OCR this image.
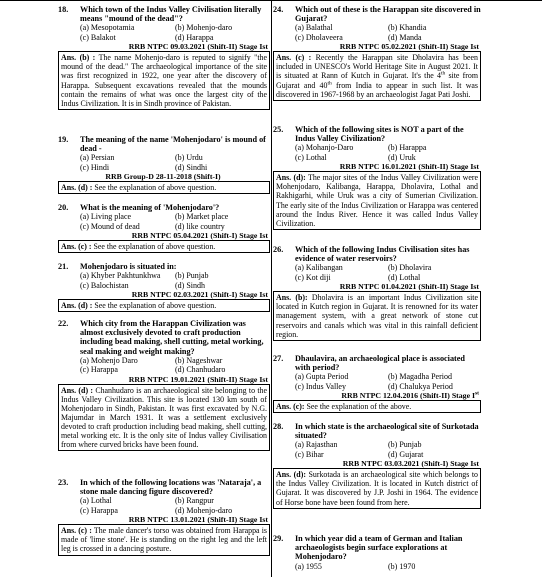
18.	Which town of the Indus Valley Civilisation literally means "mound of the dead"?
(a) Mesopotamia	(b) Mohenjo-daro
(c) Balakot	(d) Harappa
RRB NTPC 09.03.2021 (Shift-II) Stage Ist
Ans. (b) : The name Mohenjo-daro is reputed to signify "the mound of the dead." The archaeological importance of the site was first recognized in 1922, one year after the discovery of Harappa. Subsequent excavations revealed that the mounds contain the remains of what was once the largest city of the Indus Civilization. It is in Sindh province of Pakistan.
19.	The meaning of the name 'Mohenjodaro' is mound of dead -
(a) Persian	(b) Urdu
(c) Hindi	(d) Sindhi
RRB Group-D 28-11-2018 (Shift-I)
Ans. (d) : See the explanation of above question.
20.	What is the meaning of 'Mohenjodaro'?
(a) Living place	(b) Market place
(c) Mound of dead	(d) like country
RRB NTPC 05.04.2021 (Shift-I) Stage Ist
Ans. (c) : See the explanation of above question.
21.	Mohenjodaro is situated in:
(a) Khyber Pakhtunkhwa	(b) Punjab
(c) Balochistan	(d) Sindh
RRB NTPC 02.03.2021 (Shift-I) Stage Ist
Ans. (d) : See the explanation of above question.
22.	Which city from the Harappan Civilization was almost exclusively devoted to craft production including bead making, shell cutting, metal working, seal making and weight making?
(a) Mohenjo Daro	(b) Nageshwar
(c) Harappa	(d) Chanhudaro
RRB NTPC 19.01.2021 (Shift-II) Stage Ist
Ans. (d) : Chanhudaro is an archaeological site belonging to the Indus Valley Civilization. This site is located 130 km south of Mohenjodaro in Sindh, Pakistan. It was first excavated by N.G. Majumdar in March 1931. It was a settlement exclusively devoted to craft production including bead making, shell cutting, metal working etc. It is the only site of Indus valley Civilisation from where curved bricks have been found.
23.	In which of the following locations was 'Nataraja', a stone male dancing figure discovered?
(a) Lothal	(b) Rangpur
(c) Harappa	(d) Mohenjo-daro
RRB NTPC 13.01.2021 (Shift-II) Stage Ist
Ans. (c) : The male dancer's torso was obtained from Harappa is made of 'lime stone'. He is standing on the right leg and the left leg is crossed in a dancing posture.
24.	Which out of these is the Harappan site discovered in Gujarat?
(a) Balathal	(b) Khandia
(c) Dholaveera	(d) Manda
RRB NTPC 05.02.2021 (Shift-II) Stage Ist
Ans. (c) : Recently the Harappan site Dholavira has been included in UNESCO's World Heritage Site in August 2021. It is situated at Rann of Kutch in Gujarat. It's the 4th site from Gujarat and 40th from India to appear in such list. It was discovered in 1967-1968 by an archaeologist Jagat Pati Joshi.
25.	Which of the following sites is NOT a part of the Indus Valley Civilization?
(a) Mohanjo-Daro	(b) Harappa
(c) Lothal	(d) Uruk
RRB NTPC 16.01.2021 (Shift-II) Stage Ist
Ans. (d): The major sites of the Indus Valley Civilization were Mohenjodaro, Kalibanga, Harappa, Dholavira, Lothal and Rakhigarhi, while Uruk was a city of Sumerian Civilization. The early site of the Indus Civilization or Harappa was centered around the Indus River. Hence it was called Indus Valley Civilization.
26.	Which of the following Indus Civilisation sites has evidence of water reservoirs?
(a) Kalibangan	(b) Dholavira
(c) Kot diji	(d) Lothal
RRB NTPC 01.04.2021 (Shift-II) Stage Ist
Ans. (b): Dholavira is an important Indus Civilization site located in Kutch region in Gujarat. It is renowned for its water management system, with a great network of stone cut reservoirs and canals which was vital in this rainfall deficient region.
27.	Dhaulavira, an archaeological place is associated with period?
(a) Gupta Period	(b) Magadha Period
(c) Indus Valley	(d) Chalukya Period
RRB NTPC 12.04.2016 (Shift-II) Stage Ist
Ans. (c): See the explanation of the above.
28.	In which state is the archaeological site of Surkotada situated?
(a) Rajasthan	(b) Punjab
(c) Bihar	(d) Gujarat
RRB NTPC 03.03.2021 (Shift-I) Stage Ist
Ans. (d): Surkotada is an archaeological site which belongs to the Indus Valley Civilization. It is located in Kutch district of Gujarat. It was discovered by J.P. Joshi in 1964. The evidence of Horse bone have been found from here.
29.	In which year did a team of German and Italian archaeologists begin surface explorations at Mohenjodaro?
(a) 1955	(b) 1970
